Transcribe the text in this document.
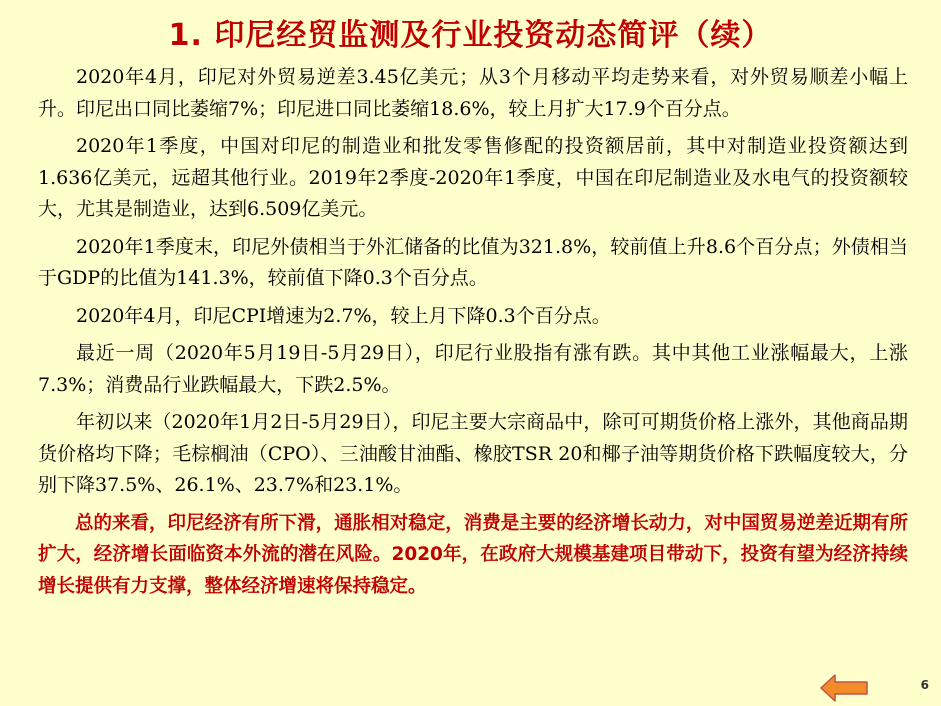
1. 印尼经贸监测及行业投资动态简评（续）

2020年4月，印尼对外贸易逆差3.45亿美元；从3个月移动平均走势来看，对外贸易顺差小幅上升。印尼出口同比萎缩7%；印尼进口同比萎缩18.6%，较上月扩大17.9个百分点。

2020年1季度，中国对印尼的制造业和批发零售修配的投资额居前，其中对制造业投资额达到1.636亿美元，远超其他行业。2019年2季度-2020年1季度，中国在印尼制造业及水电气的投资额较大，尤其是制造业，达到6.509亿美元。

2020年1季度末，印尼外债相当于外汇储备的比值为321.8%，较前值上升8.6个百分点；外债相当于GDP的比值为141.3%，较前值下降0.3个百分点。

2020年4月，印尼CPI增速为2.7%，较上月下降0.3个百分点。

最近一周（2020年5月19日-5月29日），印尼行业股指有涨有跌。其中其他工业涨幅最大，上涨7.3%；消费品行业跌幅最大，下跌2.5%。

年初以来（2020年1月2日-5月29日），印尼主要大宗商品中，除可可期货价格上涨外，其他商品期货价格均下降；毛棕榈油（CPO）、三油酸甘油酯、橡胶TSR 20和椰子油等期货价格下跌幅度较大，分别下降37.5%、26.1%、23.7%和23.1%。

总的来看，印尼经济有所下滑，通胀相对稳定，消费是主要的经济增长动力，对中国贸易逆差近期有所扩大，经济增长面临资本外流的潜在风险。2020年，在政府大规模基建项目带动下，投资有望为经济持续增长提供有力支撑，整体经济增速将保持稳定。

6
